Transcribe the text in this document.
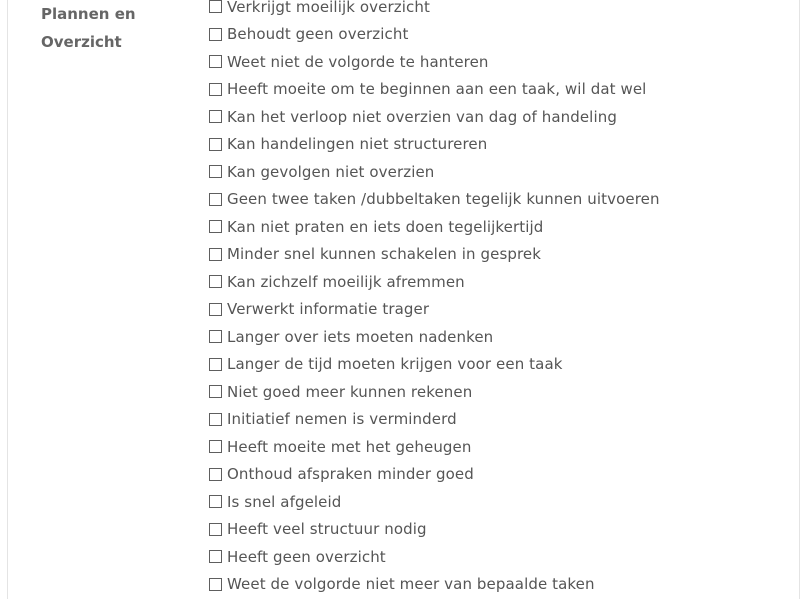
Plannen en
Overzicht
Verkrijgt moeilijk overzicht
Behoudt geen overzicht
Weet niet de volgorde te hanteren
Heeft moeite om te beginnen aan een taak, wil dat wel
Kan het verloop niet overzien van dag of handeling
Kan handelingen niet structureren
Kan gevolgen niet overzien
Geen twee taken /dubbeltaken tegelijk kunnen uitvoeren
Kan niet praten en iets doen tegelijkertijd
Minder snel kunnen schakelen in gesprek
Kan zichzelf moeilijk afremmen
Verwerkt informatie trager
Langer over iets moeten nadenken
Langer de tijd moeten krijgen voor een taak
Niet goed meer kunnen rekenen
Initiatief nemen is verminderd
Heeft moeite met het geheugen
Onthoud afspraken minder goed
Is snel afgeleid
Heeft veel structuur nodig
Heeft geen overzicht
Weet de volgorde niet meer van bepaalde taken
